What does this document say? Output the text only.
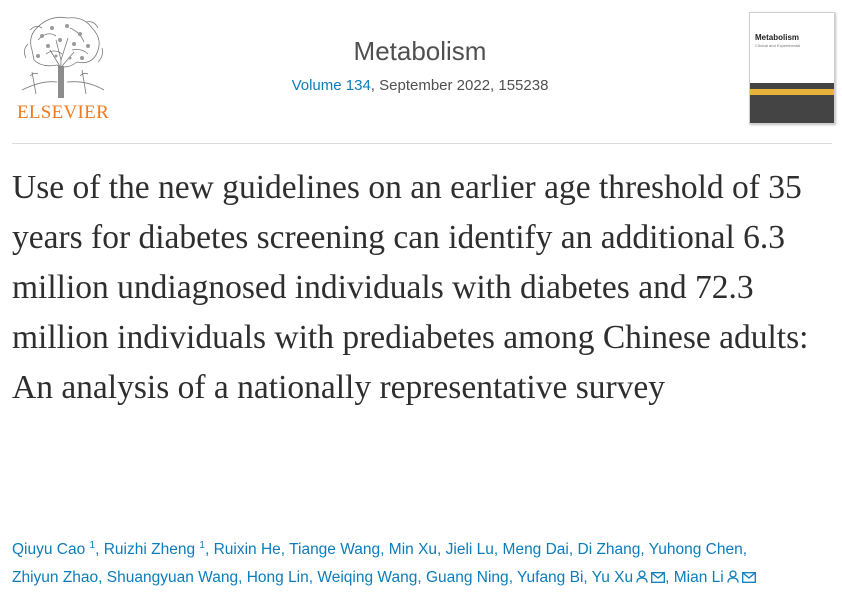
ELSEVIER
Metabolism
Volume 134, September 2022, 155238
Metabolism
Clinical and Experimental
Use of the new guidelines on an earlier age threshold of 35 years for diabetes screening can identify an additional 6.3 million undiagnosed individuals with diabetes and 72.3 million individuals with prediabetes among Chinese adults: An analysis of a nationally representative survey
Qiuyu Cao $^1$, Ruizhi Zheng $^1$, Ruixin He, Tiange Wang, Min Xu, Jieli Lu, Meng Dai, Di Zhang, Yuhong Chen, Zhiyun Zhao, Shuangyuan Wang, Hong Lin, Weiqing Wang, Guang Ning, Yufang Bi, Yu Xu , Mian Li
